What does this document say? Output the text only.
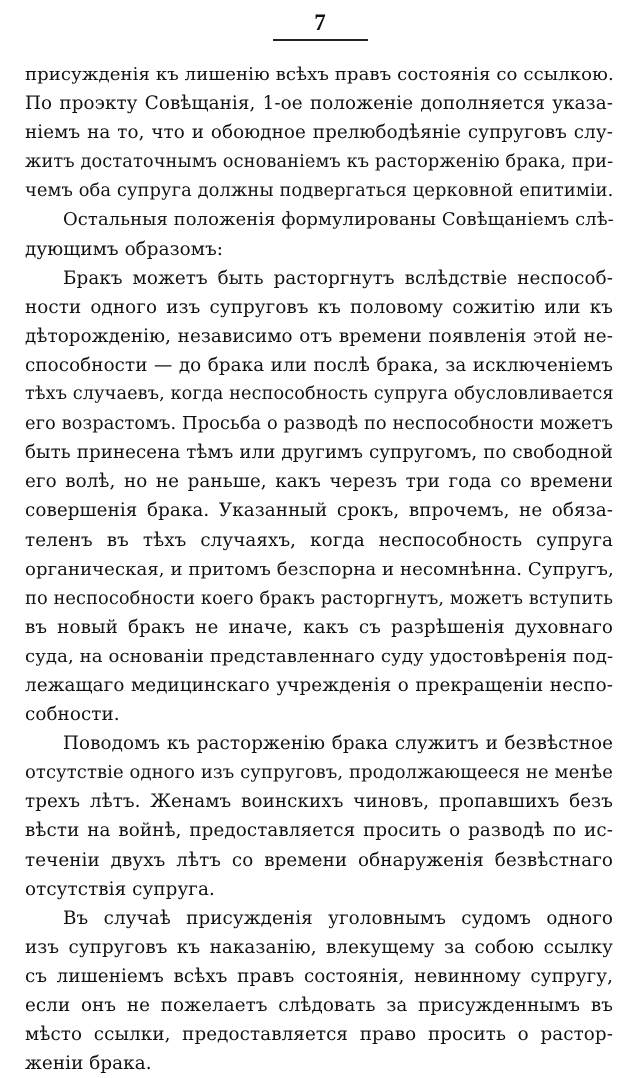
7
присужденія къ лишенію всѣхъ правъ состоянія со ссылкою.
По проэкту Совѣщанія, 1-ое положеніе дополняется указа-
ніемъ на то, что и обоюдное прелюбодѣяніе супруговъ слу-
житъ достаточнымъ основаніемъ къ расторженію брака, при-
чемъ оба супруга должны подвергаться церковной епитиміи.
Остальныя положенія формулированы Совѣщаніемъ слѣ-
дующимъ образомъ:
Бракъ можетъ быть расторгнутъ вслѣдствіе неспособ-
ности одного изъ супруговъ къ половому сожитію или къ
дѣторожденію, независимо отъ времени появленія этой не-
способности — до брака или послѣ брака, за исключеніемъ
тѣхъ случаевъ, когда неспособность супруга обусловливается
его возрастомъ. Просьба о разводѣ по неспособности можетъ
быть принесена тѣмъ или другимъ супругомъ, по свободной
его волѣ, но не раньше, какъ черезъ три года со времени
совершенія брака. Указанный срокъ, впрочемъ, не обяза-
теленъ въ тѣхъ случаяхъ, когда неспособность супруга
органическая, и притомъ безспорна и несомнѣнна. Супругъ,
по неспособности коего бракъ расторгнутъ, можетъ вступить
въ новый бракъ не иначе, какъ съ разрѣшенія духовнаго
суда, на основаніи представленнаго суду удостовѣренія под-
лежащаго медицинскаго учрежденія о прекращеніи неспо-
собности.
Поводомъ къ расторженію брака служитъ и безвѣстное
отсутствіе одного изъ супруговъ, продолжающееся не менѣе
трехъ лѣтъ. Женамъ воинскихъ чиновъ, пропавшихъ безъ
вѣсти на войнѣ, предоставляется просить о разводѣ по ис-
теченіи двухъ лѣтъ со времени обнаруженія безвѣстнаго
отсутствія супруга.
Въ случаѣ присужденія уголовнымъ судомъ одного
изъ супруговъ къ наказанію, влекущему за собою ссылку
съ лишеніемъ всѣхъ правъ состоянія, невинному супругу,
если онъ не пожелаетъ слѣдовать за присужденнымъ въ
мѣсто ссылки, предоставляется право просить о растор-
женіи брака.
